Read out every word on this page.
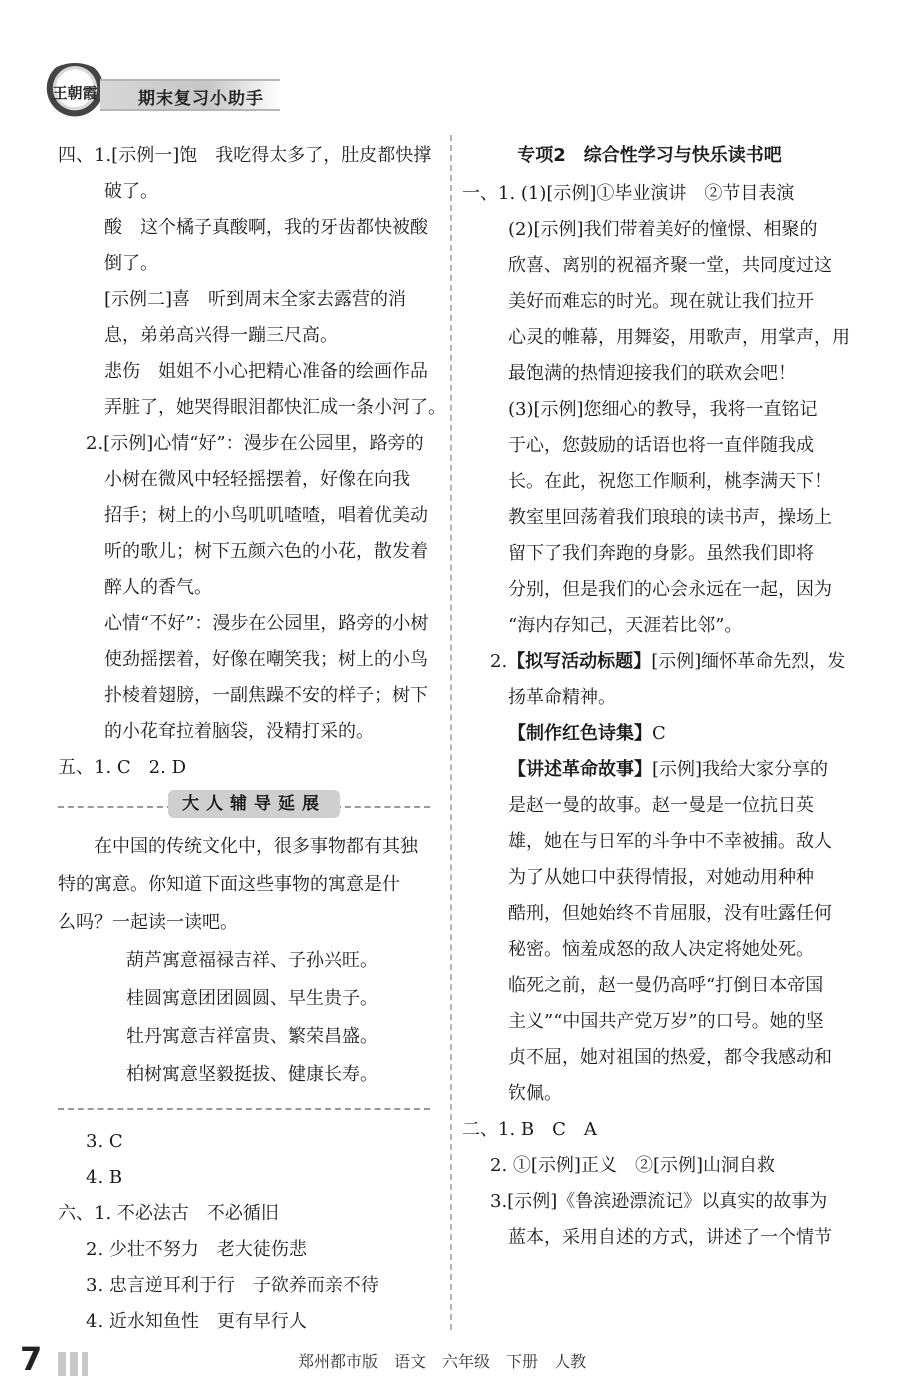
王朝霞	期末复习小助手
四、1.[示例一]饱　我吃得太多了，肚皮都快撑
破了。
酸　这个橘子真酸啊，我的牙齿都快被酸
倒了。
[示例二]喜　听到周末全家去露营的消
息，弟弟高兴得一蹦三尺高。
悲伤　姐姐不小心把精心准备的绘画作品
弄脏了，她哭得眼泪都快汇成一条小河了。
2.[示例]心情“好”：漫步在公园里，路旁的
小树在微风中轻轻摇摆着，好像在向我
招手；树上的小鸟叽叽喳喳，唱着优美动
听的歌儿；树下五颜六色的小花，散发着
醉人的香气。
心情“不好”：漫步在公园里，路旁的小树
使劲摇摆着，好像在嘲笑我；树上的小鸟
扑棱着翅膀，一副焦躁不安的样子；树下
的小花耷拉着脑袋，没精打采的。
五、1. C　2. D
大人辅导延展
在中国的传统文化中，很多事物都有其独
特的寓意。你知道下面这些事物的寓意是什
么吗？一起读一读吧。
葫芦寓意福禄吉祥、子孙兴旺。
桂圆寓意团团圆圆、早生贵子。
牡丹寓意吉祥富贵、繁荣昌盛。
柏树寓意坚毅挺拔、健康长寿。
3. C
4. B
六、1. 不必法古　不必循旧
2. 少壮不努力　老大徒伤悲
3. 忠言逆耳利于行　子欲养而亲不待
4. 近水知鱼性　更有早行人
专项2　综合性学习与快乐读书吧
一、1. (1)[示例]①毕业演讲　②节目表演
(2)[示例]我们带着美好的憧憬、相聚的
欣喜、离别的祝福齐聚一堂，共同度过这
美好而难忘的时光。现在就让我们拉开
心灵的帷幕，用舞姿，用歌声，用掌声，用
最饱满的热情迎接我们的联欢会吧！
(3)[示例]您细心的教导，我将一直铭记
于心，您鼓励的话语也将一直伴随我成
长。在此，祝您工作顺利，桃李满天下！
教室里回荡着我们琅琅的读书声，操场上
留下了我们奔跑的身影。虽然我们即将
分别，但是我们的心会永远在一起，因为
“海内存知己，天涯若比邻”。
2.【拟写活动标题】[示例]缅怀革命先烈，发
扬革命精神。
【制作红色诗集】C
【讲述革命故事】[示例]我给大家分享的
是赵一曼的故事。赵一曼是一位抗日英
雄，她在与日军的斗争中不幸被捕。敌人
为了从她口中获得情报，对她动用种种
酷刑，但她始终不肯屈服，没有吐露任何
秘密。恼羞成怒的敌人决定将她处死。
临死之前，赵一曼仍高呼“打倒日本帝国
主义”“中国共产党万岁”的口号。她的坚
贞不屈，她对祖国的热爱，都令我感动和
钦佩。
二、1. B　C　A
2. ①[示例]正义　②[示例]山洞自救
3.[示例]《鲁滨逊漂流记》以真实的故事为
蓝本，采用自述的方式，讲述了一个情节
7	郑州都市版 语文 六年级 下册 人教
